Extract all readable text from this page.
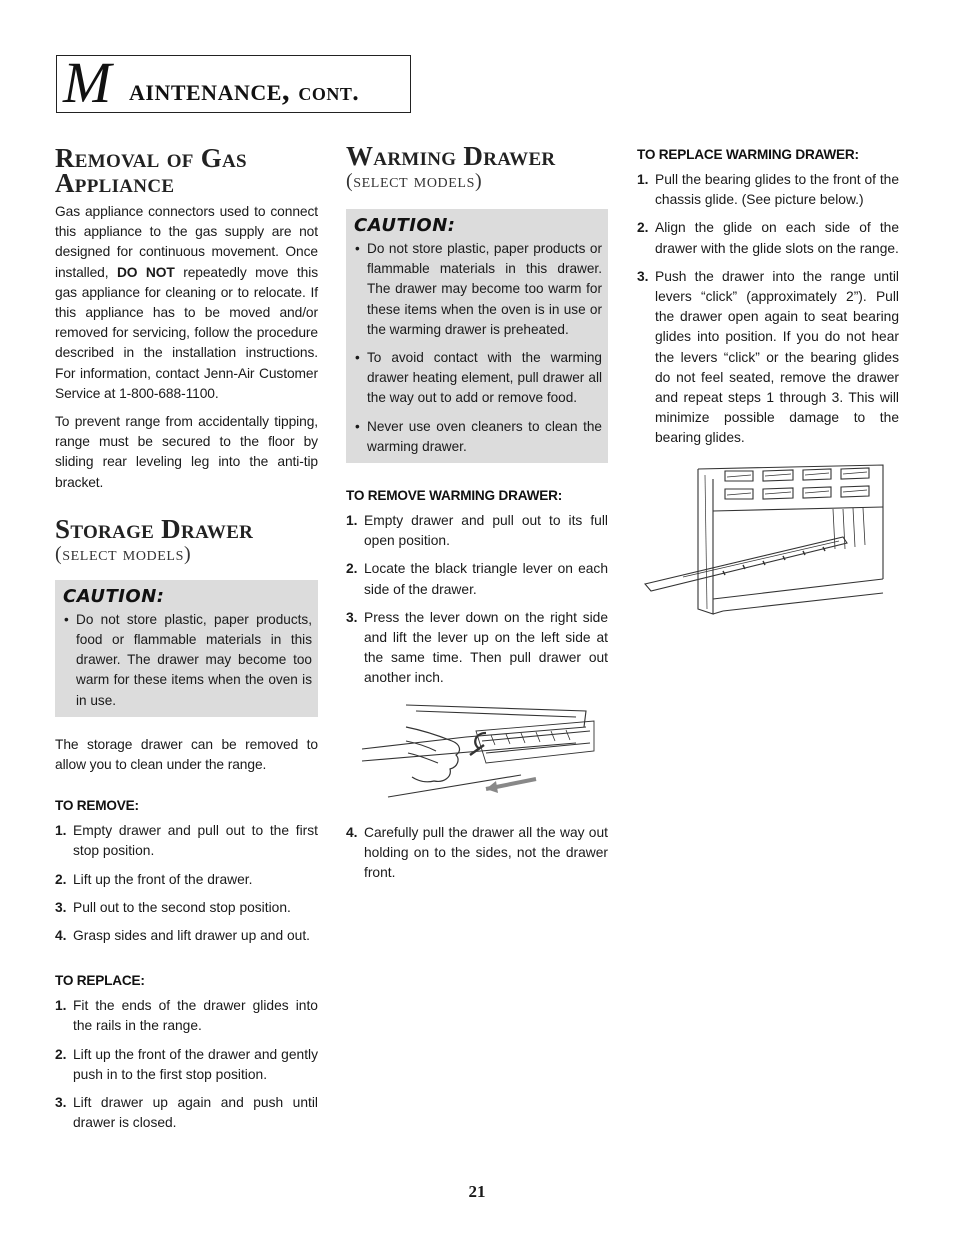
M aintenance, cont.
Removal of Gas
Appliance

Gas appliance connectors used to connect this appliance to the gas supply are not designed for continuous movement. Once installed, DO NOT repeatedly move this gas appliance for cleaning or to relocate. If this appliance has to be moved and/or removed for servicing, follow the procedure described in the installation instructions. For information, contact Jenn-Air Customer Service at 1-800-688-1100.

To prevent range from accidentally tipping, range must be secured to the floor by sliding rear leveling leg into the anti-tip bracket.

Storage Drawer
(select models)
CAUTION:
• Do not store plastic, paper products, food or flammable materials in this drawer. The drawer may become too warm for these items when the oven is in use.

The storage drawer can be removed to allow you to clean under the range.

TO REMOVE:
1. Empty drawer and pull out to the first stop position.
2. Lift up the front of the drawer.
3. Pull out to the second stop position.
4. Grasp sides and lift drawer up and out.
TO REPLACE:
1. Fit the ends of the drawer glides into the rails in the range.
2. Lift up the front of the drawer and gently push in to the first stop position.
3. Lift drawer up again and push until drawer is closed.
Warming Drawer
(select models)
CAUTION:
• Do not store plastic, paper products or flammable materials in this drawer. The drawer may become too warm for these items when the oven is in use or the warming drawer is preheated.
• To avoid contact with the warming drawer heating element, pull drawer all the way out to add or remove food.
• Never use oven cleaners to clean the warming drawer.
TO REMOVE WARMING DRAWER:
1. Empty drawer and pull out to its full open position.
2. Locate the black triangle lever on each side of the drawer.
3. Press the lever down on the right side and lift the lever up on the left side at the same time. Then pull drawer out another inch.
4. Carefully pull the drawer all the way out holding on to the sides, not the drawer front.
TO REPLACE WARMING DRAWER:
1. Pull the bearing glides to the front of the chassis glide. (See picture below.)
2. Align the glide on each side of the drawer with the glide slots on the range.
3. Push the drawer into the range until levers “click” (approximately 2”). Pull the drawer open again to seat bearing glides into position. If you do not hear the levers “click” or the bearing glides do not feel seated, remove the drawer and repeat steps 1 through 3. This will minimize possible damage to the bearing glides.
21
